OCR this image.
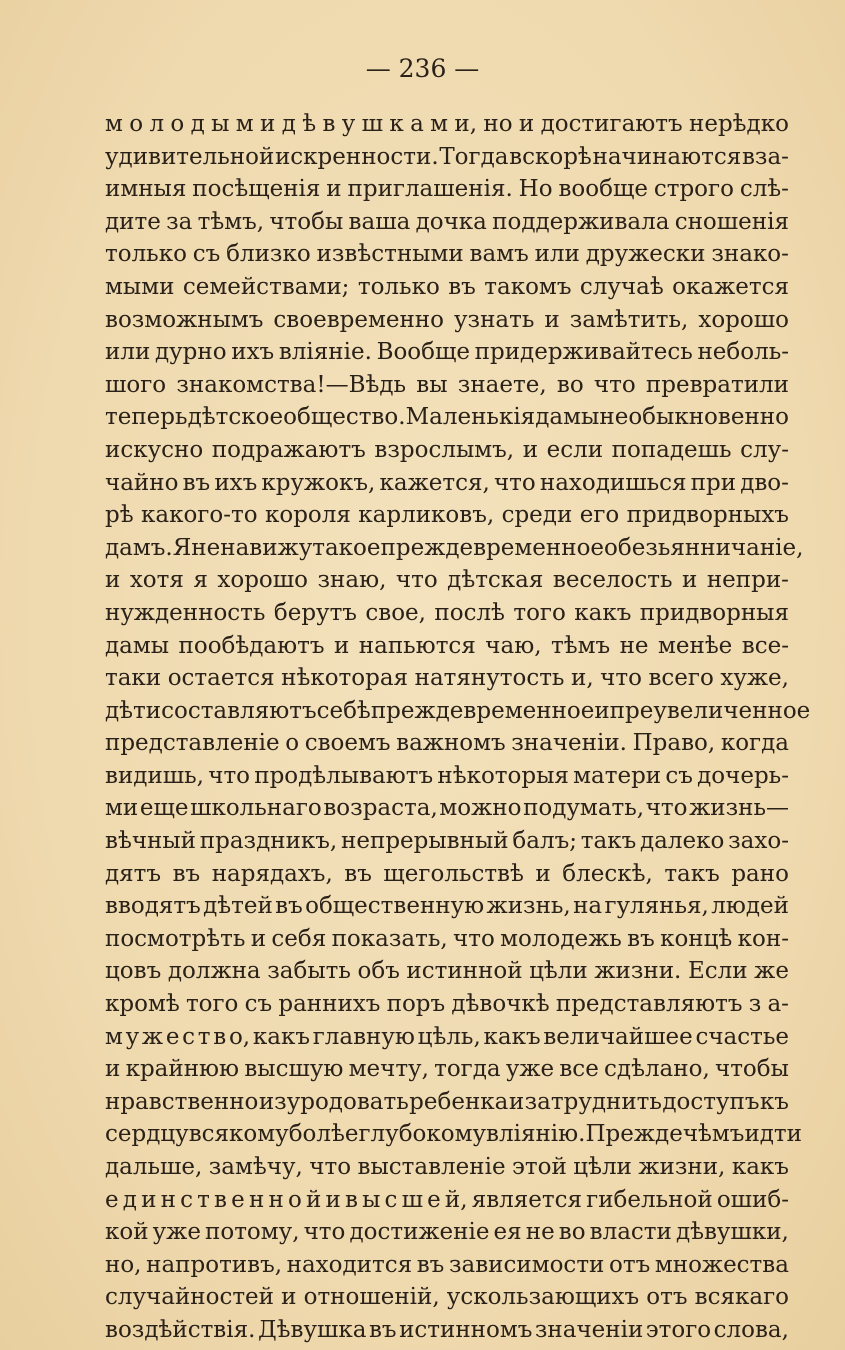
— 236 —
м о л о д ы м и д ѣ в у ш к а м и, но и достигаютъ нерѣдко
удивительной искренности. Тогда вскорѣ начинаются вза-
имныя посѣщенія и приглашенія. Но вообще строго слѣ-
дите за тѣмъ, чтобы ваша дочка поддерживала сношенія
только съ близко извѣстными вамъ или дружески знако-
мыми семействами; только въ такомъ случаѣ окажется
возможнымъ своевременно узнать и замѣтить, хорошо
или дурно ихъ вліяніе. Вообще придерживайтесь неболь-
шого знакомства!—Вѣдь вы знаете, во что превратили
теперь дѣтское общество. Маленькія дамы необыкновенно
искусно подражаютъ взрослымъ, и если попадешь слу-
чайно въ ихъ кружокъ, кажется, что находишься при дво-
рѣ какого-то короля карликовъ, среди его придворныхъ
дамъ. Я ненавижу такое преждевременное обезьянничаніе,
и хотя я хорошо знаю, что дѣтская веселость и непри-
нужденность берутъ свое, послѣ того какъ придворныя
дамы пообѣдаютъ и напьются чаю, тѣмъ не менѣе все-
таки остается нѣкоторая натянутость и, что всего хуже,
дѣти составляютъ себѣ преждевременное и преувеличенное
представленіе о своемъ важномъ значеніи. Право, когда
видишь, что продѣлываютъ нѣкоторыя матери съ дочерь-
ми еще школьнаго возраста, можно подумать, что жизнь—
вѣчный праздникъ, непрерывный балъ; такъ далеко захо-
дятъ въ нарядахъ, въ щегольствѣ и блескѣ, такъ рано
вводятъ дѣтей въ общественную жизнь, на гулянья, людей
посмотрѣть и себя показать, что молодежь въ концѣ кон-
цовъ должна забыть объ истинной цѣли жизни. Если же
кромѣ того съ раннихъ поръ дѣвочкѣ представляютъ з а-
м у ж е с т в о, какъ главную цѣль, какъ величайшее счастье
и крайнюю высшую мечту, тогда уже все сдѣлано, чтобы
нравственно изуродовать ребенка и затруднить доступъ къ
сердцу всякому болѣе глубокому вліянію. Прежде чѣмъ идти
дальше, замѣчу, что выставленіе этой цѣли жизни, какъ
е д и н с т в е н н о й и в ы с ш е й, является гибельной ошиб-
кой уже потому, что достиженіе ея не во власти дѣвушки,
но, напротивъ, находится въ зависимости отъ множества
случайностей и отношеній, ускользающихъ отъ всякаго
воздѣйствія. Дѣвушка въ истинномъ значеніи этого слова,
